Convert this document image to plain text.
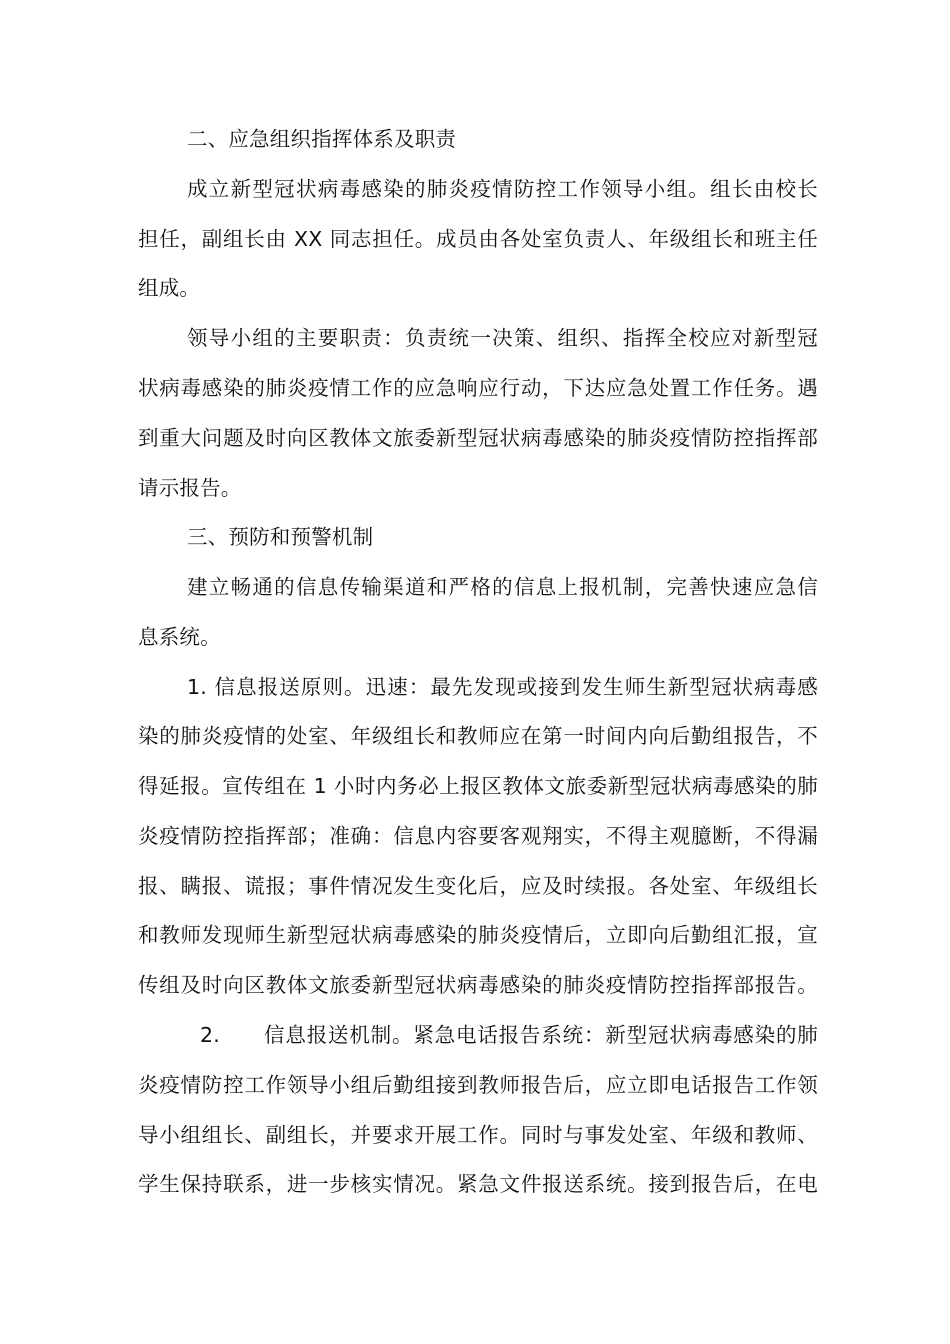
二、应急组织指挥体系及职责
成立新型冠状病毒感染的肺炎疫情防控工作领导小组。组长由校长
担任，副组长由 XX 同志担任。成员由各处室负责人、年级组长和班主任
组成。
领导小组的主要职责：负责统一决策、组织、指挥全校应对新型冠
状病毒感染的肺炎疫情工作的应急响应行动，下达应急处置工作任务。遇
到重大问题及时向区教体文旅委新型冠状病毒感染的肺炎疫情防控指挥部
请示报告。
三、预防和预警机制
建立畅通的信息传输渠道和严格的信息上报机制，完善快速应急信
息系统。
1. 信息报送原则。迅速：最先发现或接到发生师生新型冠状病毒感
染的肺炎疫情的处室、年级组长和教师应在第一时间内向后勤组报告，不
得延报。宣传组在 1 小时内务必上报区教体文旅委新型冠状病毒感染的肺
炎疫情防控指挥部；准确：信息内容要客观翔实，不得主观臆断，不得漏
报、瞒报、谎报；事件情况发生变化后，应及时续报。各处室、年级组长
和教师发现师生新型冠状病毒感染的肺炎疫情后，立即向后勤组汇报，宣
传组及时向区教体文旅委新型冠状病毒感染的肺炎疫情防控指挥部报告。
2.      信息报送机制。紧急电话报告系统：新型冠状病毒感染的肺
炎疫情防控工作领导小组后勤组接到教师报告后，应立即电话报告工作领
导小组组长、副组长，并要求开展工作。同时与事发处室、年级和教师、
学生保持联系，进一步核实情况。紧急文件报送系统。接到报告后，在电
